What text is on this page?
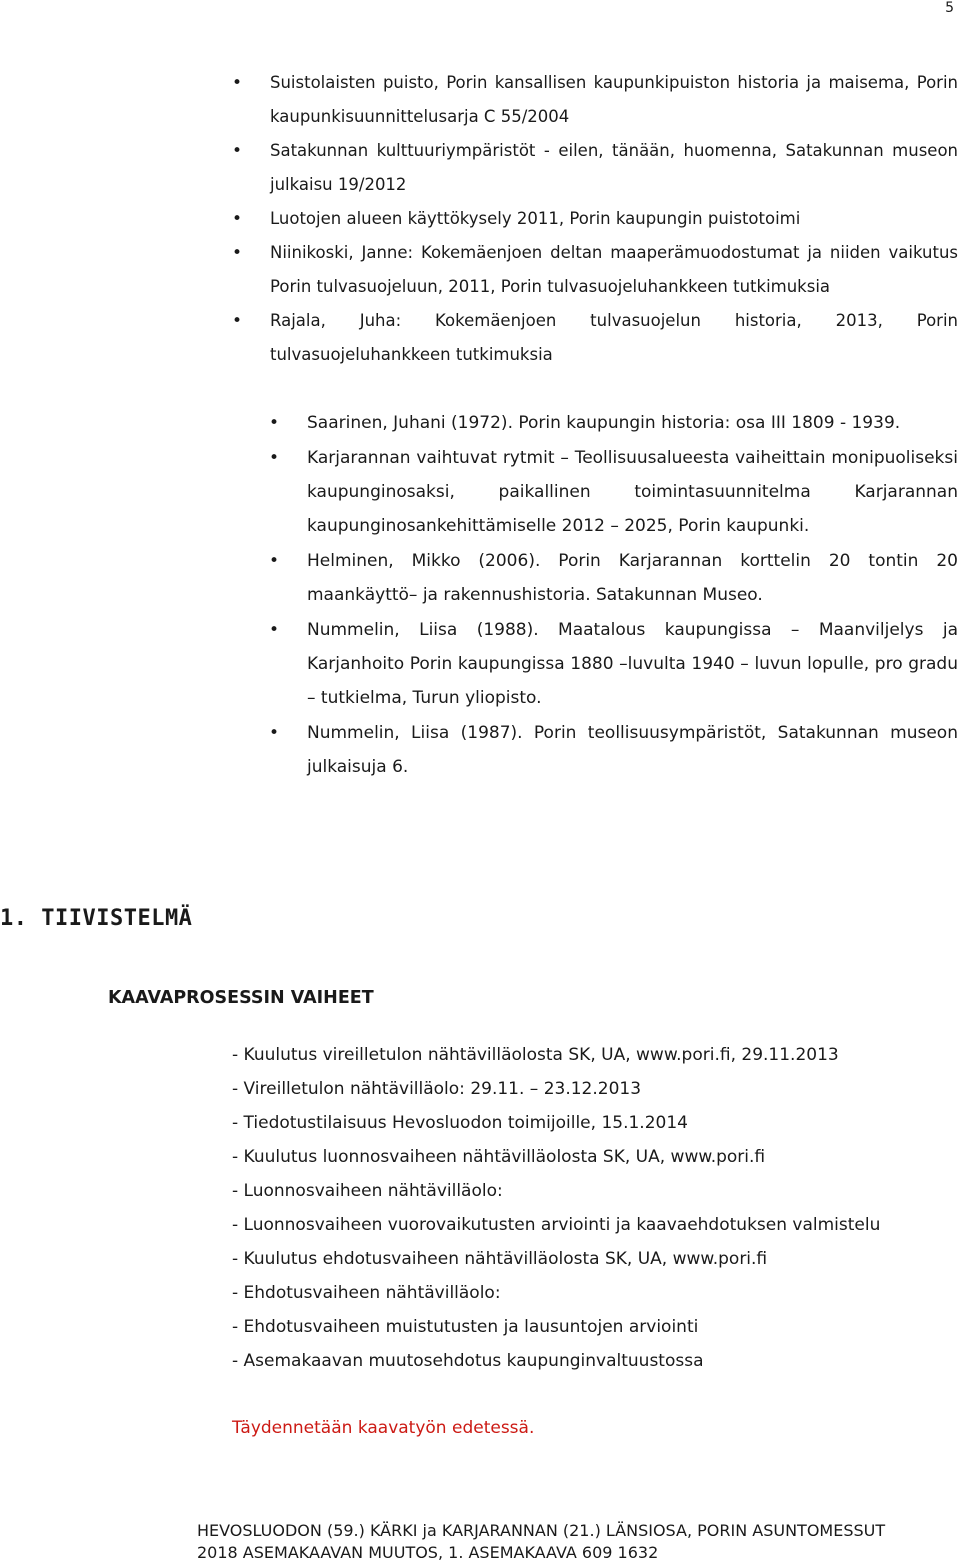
5
• Suistolaisten puisto, Porin kansallisen kaupunkipuiston historia ja maisema, Porin kaupunkisuunnittelusarja C 55/2004
• Satakunnan kulttuuriympäristöt - eilen, tänään, huomenna, Satakunnan museon julkaisu 19/2012
• Luotojen alueen käyttökysely 2011, Porin kaupungin puistotoimi
• Niinikoski, Janne: Kokemäenjoen deltan maaperämuodostumat ja niiden vaikutus Porin tulvasuojeluun, 2011, Porin tulvasuojeluhankkeen tutkimuksia
• Rajala, Juha: Kokemäenjoen tulvasuojelun historia, 2013, Porin tulvasuojeluhankkeen tutkimuksia
• Saarinen, Juhani (1972). Porin kaupungin historia: osa III 1809 - 1939.
• Karjarannan vaihtuvat rytmit – Teollisuusalueesta vaiheittain monipuoliseksi kaupunginosaksi, paikallinen toimintasuunnitelma Karjarannan kaupunginosankehittämiselle 2012 – 2025, Porin kaupunki.
• Helminen, Mikko (2006). Porin Karjarannan korttelin 20 tontin 20 maankäyttö– ja rakennushistoria. Satakunnan Museo.
• Nummelin, Liisa (1988). Maatalous kaupungissa – Maanviljelys ja Karjanhoito Porin kaupungissa 1880 –luvulta 1940 – luvun lopulle, pro gradu – tutkielma, Turun yliopisto.
• Nummelin, Liisa (1987). Porin teollisuusympäristöt, Satakunnan museon julkaisuja 6.
1. TIIVISTELMÄ
KAAVAPROSESSIN VAIHEET
- Kuulutus vireilletulon nähtävilläolosta SK, UA, www.pori.fi, 29.11.2013
- Vireilletulon nähtävilläolo: 29.11. – 23.12.2013
- Tiedotustilaisuus Hevosluodon toimijoille, 15.1.2014
- Kuulutus luonnosvaiheen nähtävilläolosta SK, UA, www.pori.fi
- Luonnosvaiheen nähtävilläolo:
- Luonnosvaiheen vuorovaikutusten arviointi ja kaavaehdotuksen valmistelu
- Kuulutus ehdotusvaiheen nähtävilläolosta SK, UA, www.pori.fi
- Ehdotusvaiheen nähtävilläolo:
- Ehdotusvaiheen muistutusten ja lausuntojen arviointi
- Asemakaavan muutosehdotus kaupunginvaltuustossa

Täydennetään kaavatyön edetessä.

HEVOSLUODON (59.) KÄRKI ja KARJARANNAN (21.) LÄNSIOSA, PORIN ASUNTOMESSUT
2018 ASEMAKAAVAN MUUTOS, 1. ASEMAKAAVA 609 1632
